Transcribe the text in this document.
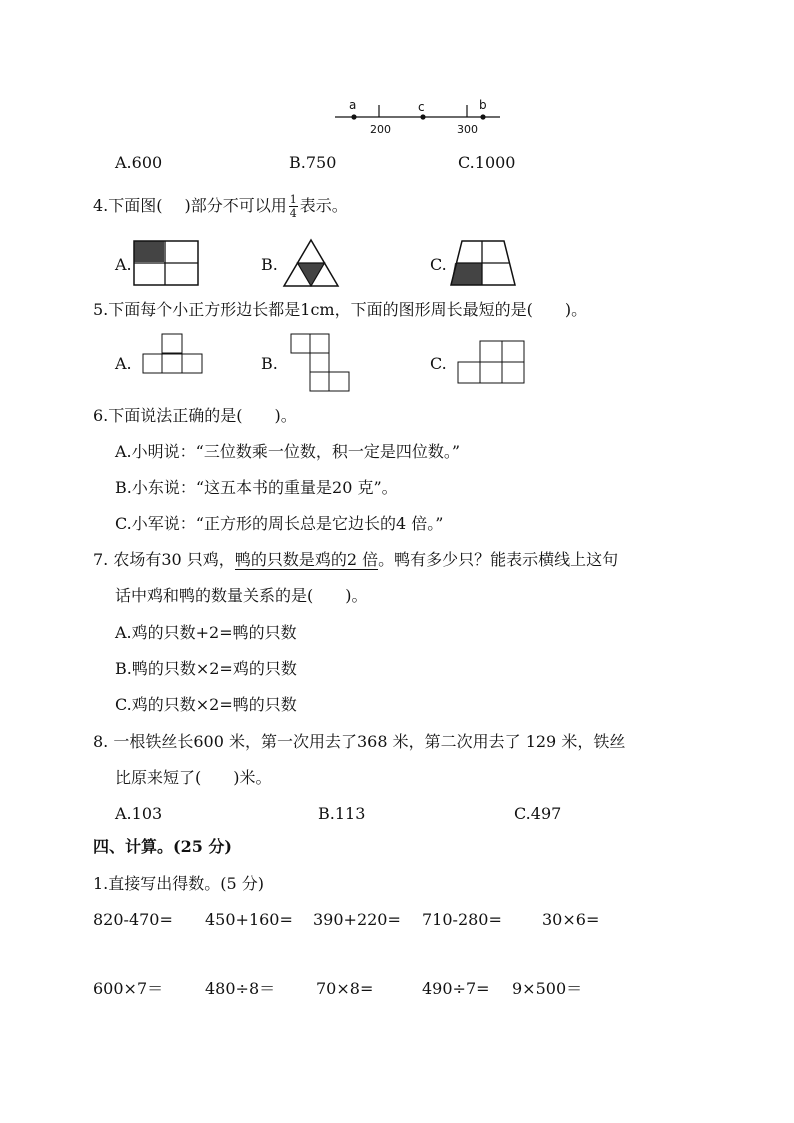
a	c	b
200	300
A.600	B.750	C.1000
4.下面图( )部分不可以用 $\frac{1}{4}$ 表示。
A.	B.	C.
5.下面每个小正方形边长都是1cm，下面的图形周长最短的是(　　)。
A.	B.	C.
6.下面说法正确的是(　　)。
A.小明说：“三位数乘一位数，积一定是四位数。”
B.小东说：“这五本书的重量是20 克”。
C.小军说：“正方形的周长总是它边长的4 倍。”
7. 农场有30 只鸡，鸭的只数是鸡的2 倍。鸭有多少只？能表示横线上这句
话中鸡和鸭的数量关系的是(　　)。
A.鸡的只数+2=鸭的只数
B.鸭的只数×2=鸡的只数
C.鸡的只数×2=鸭的只数
8. 一根铁丝长600 米，第一次用去了368 米，第二次用去了 129 米，铁丝
比原来短了(　　)米。
A.103	B.113	C.497
四、计算。(25 分)
1.直接写出得数。(5 分)
820-470= 450+160= 390+220= 710-280=	30×6=
600×7＝	480÷8＝	70×8=	490÷7= 9×500＝
